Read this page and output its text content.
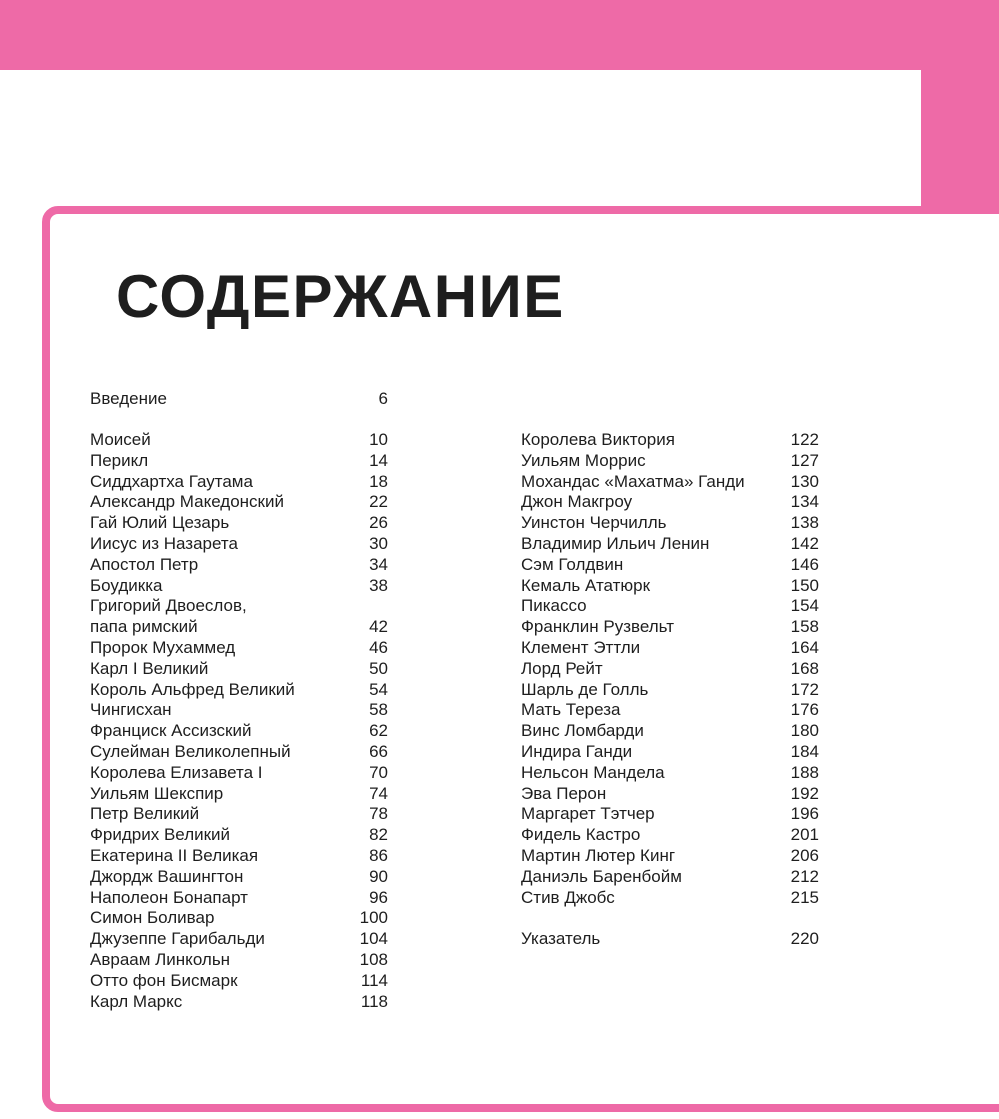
СОДЕРЖАНИЕ
Введение	6
Моисей	10
Перикл	14
Сиддхартха Гаутама	18
Александр Македонский	22
Гай Юлий Цезарь	26
Иисус из Назарета	30
Апостол Петр	34
Боудикка	38
Григорий Двоеслов,
папа римский	42
Пророк Мухаммед	46
Карл I Великий	50
Король Альфред Великий	54
Чингисхан	58
Франциск Ассизский	62
Сулейман Великолепный	66
Королева Елизавета I	70
Уильям Шекспир	74
Петр Великий	78
Фридрих Великий	82
Екатерина II Великая	86
Джордж Вашингтон	90
Наполеон Бонапарт	96
Симон Боливар	100
Джузеппе Гарибальди	104
Авраам Линкольн	108
Отто фон Бисмарк	114
Карл Маркс	118
Королева Виктория	122
Уильям Моррис	127
Мохандас «Махатма» Ганди	130
Джон Макгроу	134
Уинстон Черчилль	138
Владимир Ильич Ленин	142
Сэм Голдвин	146
Кемаль Ататюрк	150
Пикассо	154
Франклин Рузвельт	158
Клемент Эттли	164
Лорд Рейт	168
Шарль де Голль	172
Мать Тереза	176
Винс Ломбарди	180
Индира Ганди	184
Нельсон Мандела	188
Эва Перон	192
Маргарет Тэтчер	196
Фидель Кастро	201
Мартин Лютер Кинг	206
Даниэль Баренбойм	212
Стив Джобс	215
Указатель	220
